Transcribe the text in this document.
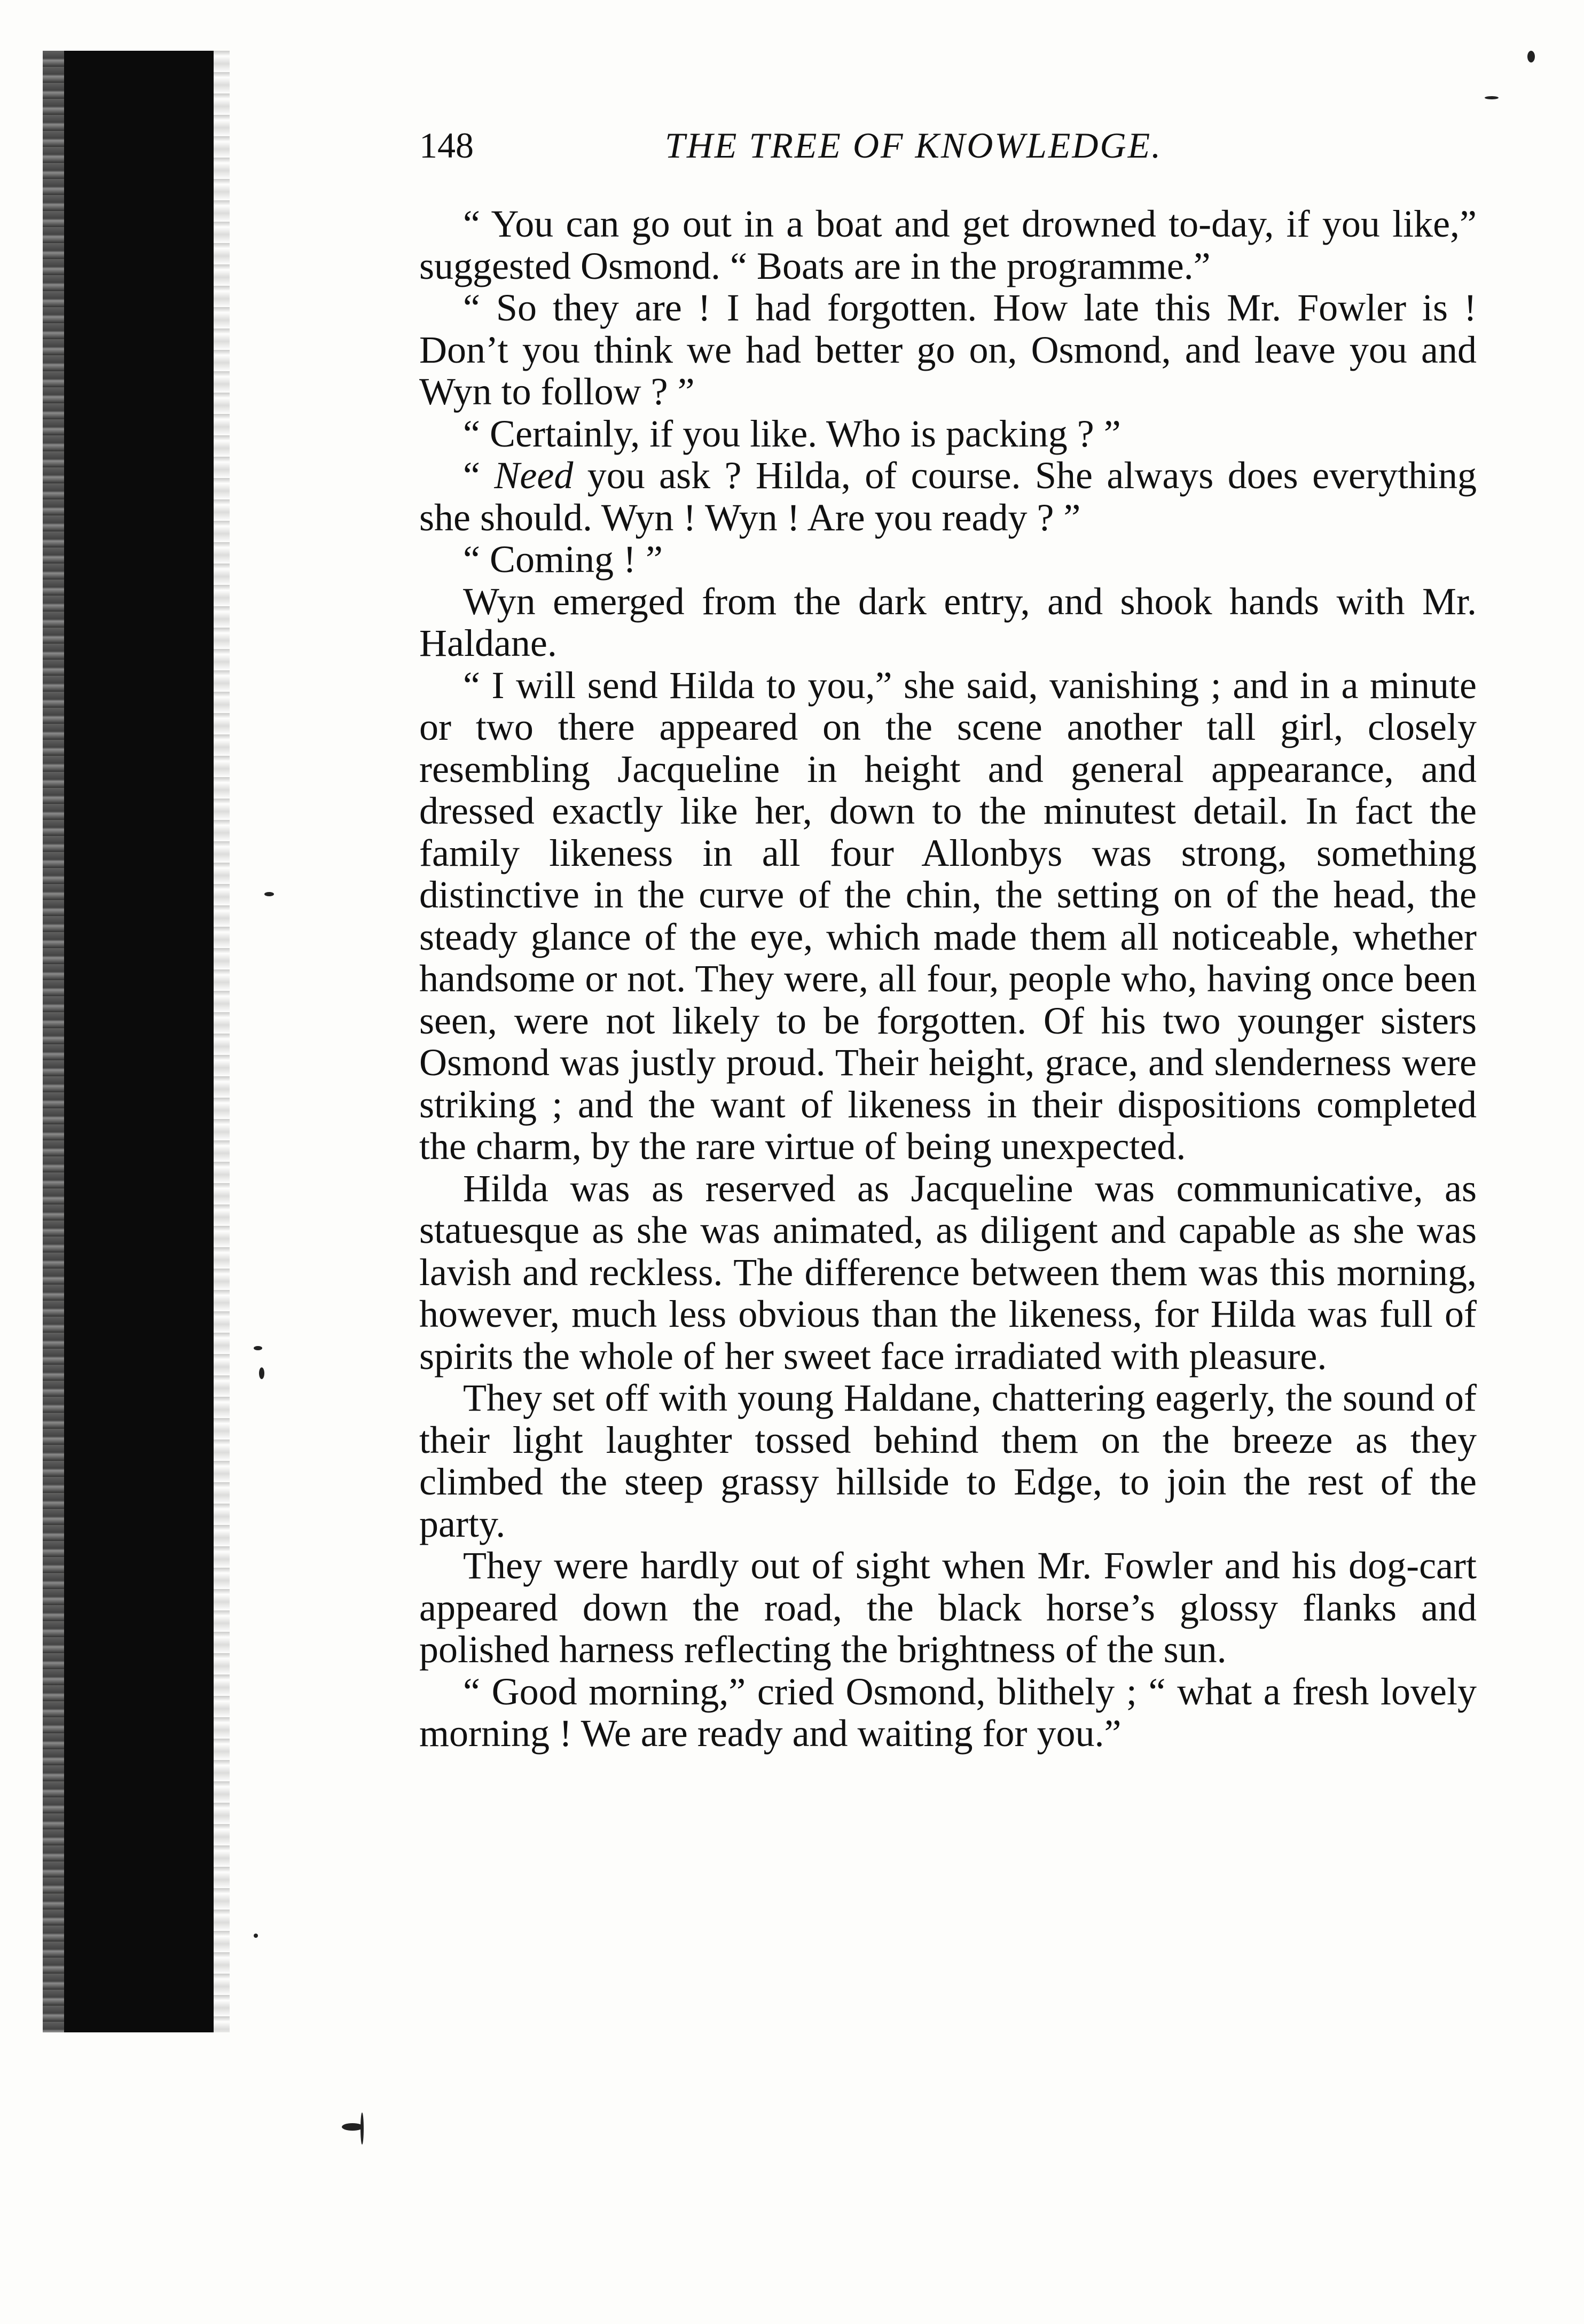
148	THE TREE OF KNOWLEDGE.

“ You can go out in a boat and get drowned to-day, if you like,” suggested Osmond. “ Boats are in the programme.”

“ So they are ! I had forgotten. How late this Mr. Fowler is ! Don’t you think we had better go on, Osmond, and leave you and Wyn to follow ? ”

“ Certainly, if you like. Who is packing ? ”

“ Need you ask ? Hilda, of course. She always does everything she should. Wyn ! Wyn ! Are you ready ? ”

“ Coming ! ”

Wyn emerged from the dark entry, and shook hands with Mr. Haldane.

“ I will send Hilda to you,” she said, vanishing ; and in a minute or two there appeared on the scene another tall girl, closely resembling Jacqueline in height and general appearance, and dressed exactly like her, down to the minutest detail. In fact the family likeness in all four Allonbys was strong, something distinctive in the curve of the chin, the setting on of the head, the steady glance of the eye, which made them all noticeable, whether handsome or not. They were, all four, people who, having once been seen, were not likely to be forgotten. Of his two younger sisters Osmond was justly proud. Their height, grace, and slenderness were striking ; and the want of likeness in their dispositions completed the charm, by the rare virtue of being unexpected.

Hilda was as reserved as Jacqueline was communicative, as statuesque as she was animated, as diligent and capable as she was lavish and reckless. The difference between them was this morning, however, much less obvious than the likeness, for Hilda was full of spirits the whole of her sweet face irradiated with pleasure.

They set off with young Haldane, chattering eagerly, the sound of their light laughter tossed behind them on the breeze as they climbed the steep grassy hillside to Edge, to join the rest of the party.

They were hardly out of sight when Mr. Fowler and his dog-cart appeared down the road, the black horse’s glossy flanks and polished harness reflecting the brightness of the sun.

“ Good morning,” cried Osmond, blithely ; “ what a fresh lovely morning ! We are ready and waiting for you.”
